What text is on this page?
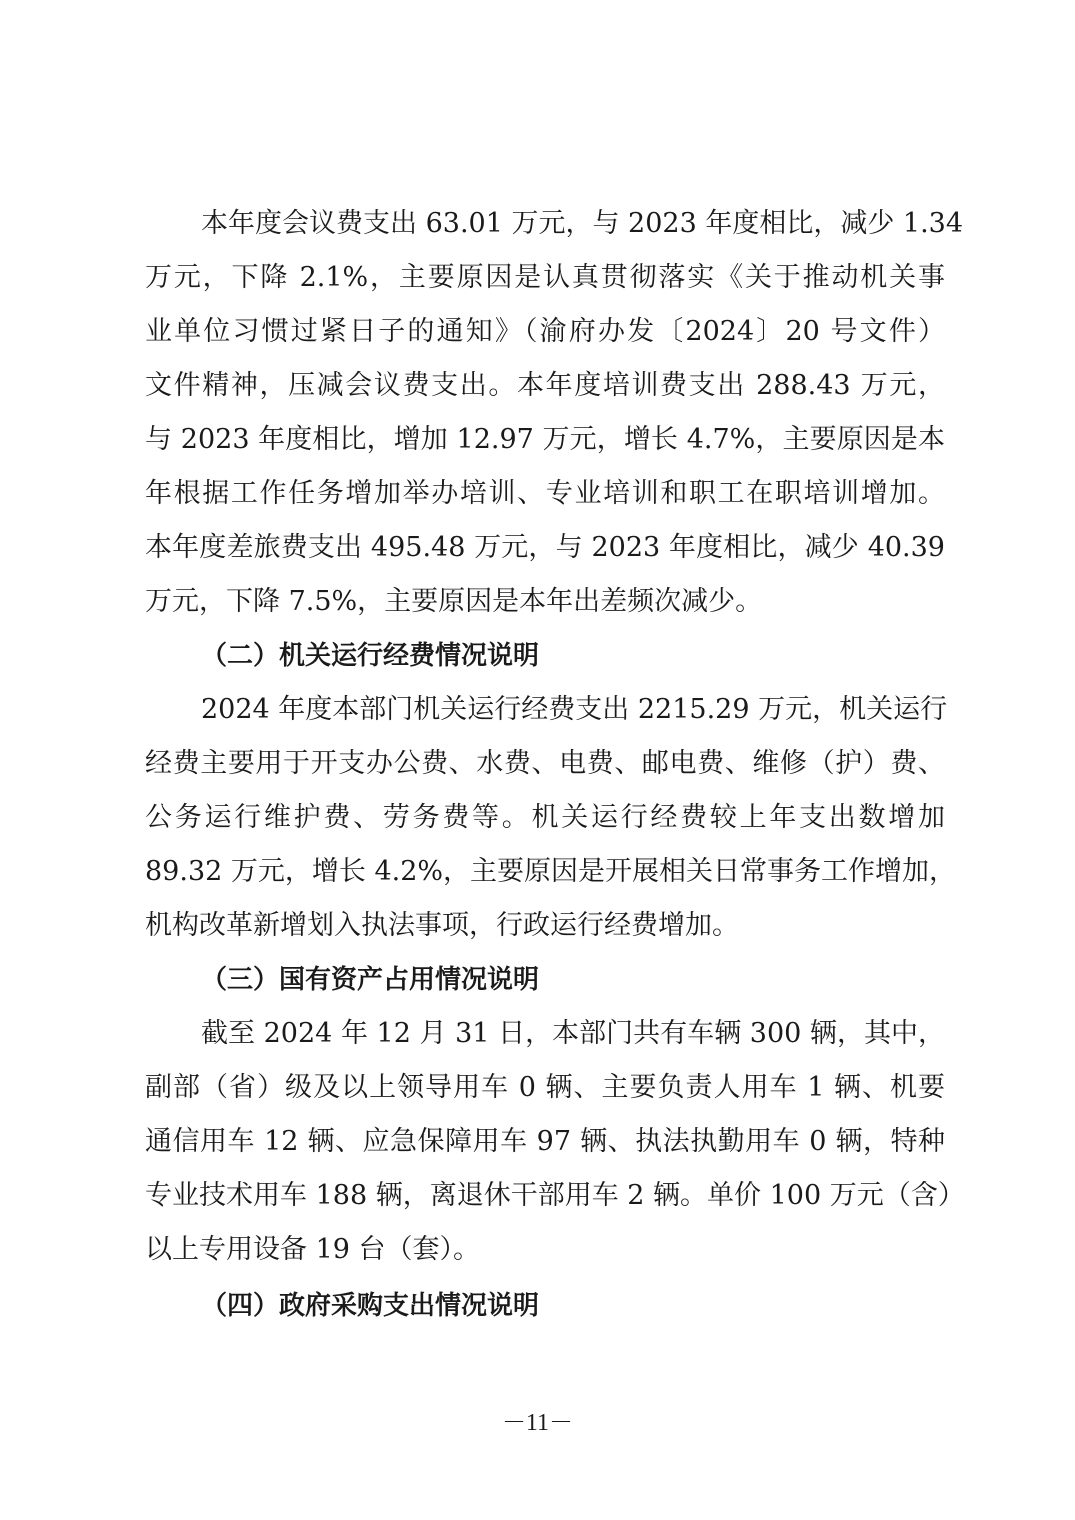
本年度会议费支出 63.01 万元，与 2023 年度相比，减少 1.34
万元，下降 2.1%，主要原因是认真贯彻落实《关于推动机关事
业单位习惯过紧日子的通知》（渝府办发〔2024〕20 号文件）
文件精神，压减会议费支出。本年度培训费支出 288.43 万元，
与 2023 年度相比，增加 12.97 万元，增长 4.7%，主要原因是本
年根据工作任务增加举办培训、专业培训和职工在职培训增加。
本年度差旅费支出 495.48 万元，与 2023 年度相比，减少 40.39
万元，下降 7.5%，主要原因是本年出差频次减少。
（二）机关运行经费情况说明
2024 年度本部门机关运行经费支出 2215.29 万元，机关运行
经费主要用于开支办公费、水费、电费、邮电费、维修（护）费、
公务运行维护费、劳务费等。机关运行经费较上年支出数增加
89.32 万元，增长 4.2%，主要原因是开展相关日常事务工作增加，
机构改革新增划入执法事项，行政运行经费增加。
（三）国有资产占用情况说明
截至 2024 年 12 月 31 日，本部门共有车辆 300 辆，其中，
副部（省）级及以上领导用车 0 辆、主要负责人用车 1 辆、机要
通信用车 12 辆、应急保障用车 97 辆、执法执勤用车 0 辆，特种
专业技术用车 188 辆，离退休干部用车 2 辆。单价 100 万元（含）
以上专用设备 19 台（套）。
（四）政府采购支出情况说明
－11－
